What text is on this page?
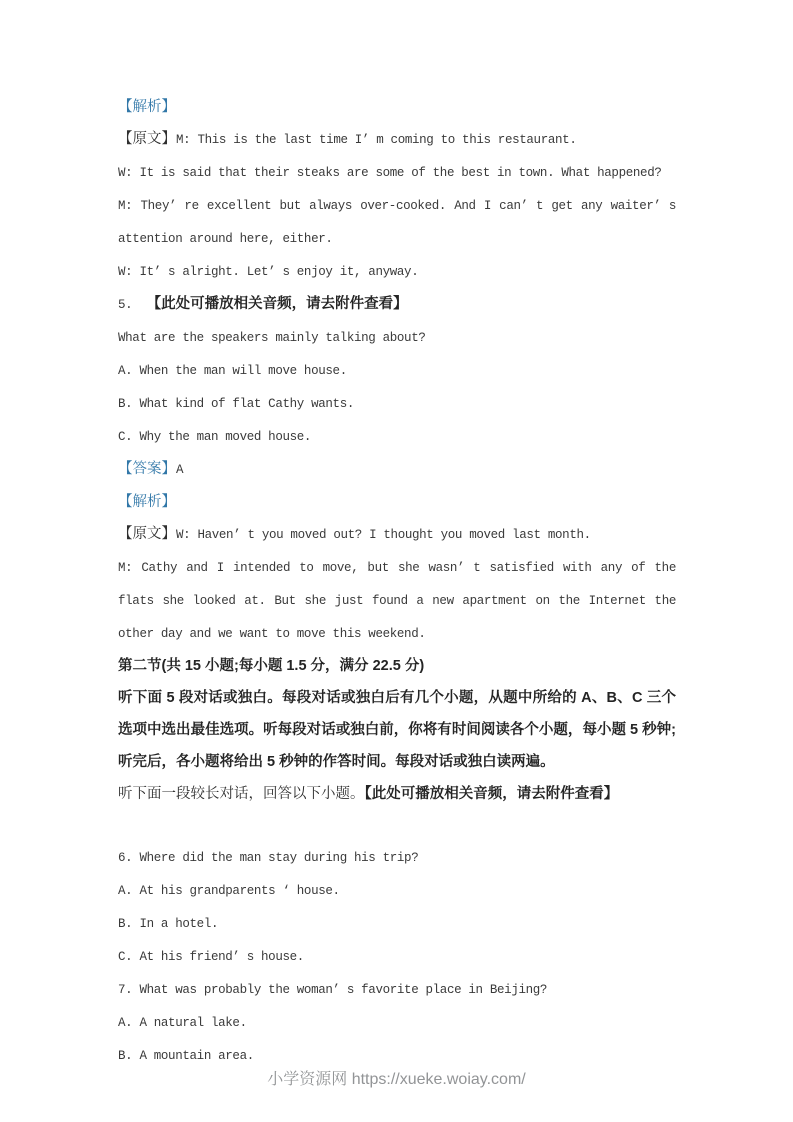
【解析】
【原文】M: This is the last time I’ m coming to this restaurant.
W: It is said that their steaks are some of the best in town. What happened?
M: They’ re excellent but always over-cooked. And I can’ t get any waiter’ s attention around here, either.
W: It’ s alright. Let’ s enjoy it, anyway.
5.  【此处可播放相关音频，请去附件查看】
What are the speakers mainly talking about?
A. When the man will move house.
B. What kind of flat Cathy wants.
C. Why the man moved house.
【答案】A
【解析】
【原文】W: Haven’ t you moved out? I thought you moved last month.
M: Cathy and I intended to move, but she wasn’ t satisfied with any of the flats she looked at. But she just found a new apartment on the Internet the other day and we want to move this weekend.
第二节(共 15 小题;每小题 1.5 分，满分 22.5 分)
听下面 5 段对话或独白。每段对话或独白后有几个小题，从题中所给的 A、B、C 三个选项中选出最佳选项。听每段对话或独白前，你将有时间阅读各个小题，每小题 5 秒钟;听完后，各小题将给出 5 秒钟的作答时间。每段对话或独白读两遍。
听下面一段较长对话，回答以下小题。【此处可播放相关音频，请去附件查看】
6. Where did the man stay during his trip?
A. At his grandparents ‘ house.
B. In a hotel.
C. At his friend’ s house.
7. What was probably the woman’ s favorite place in Beijing?
A. A natural lake.
B. A mountain area.
小学资源网 https://xueke.woiay.com/
